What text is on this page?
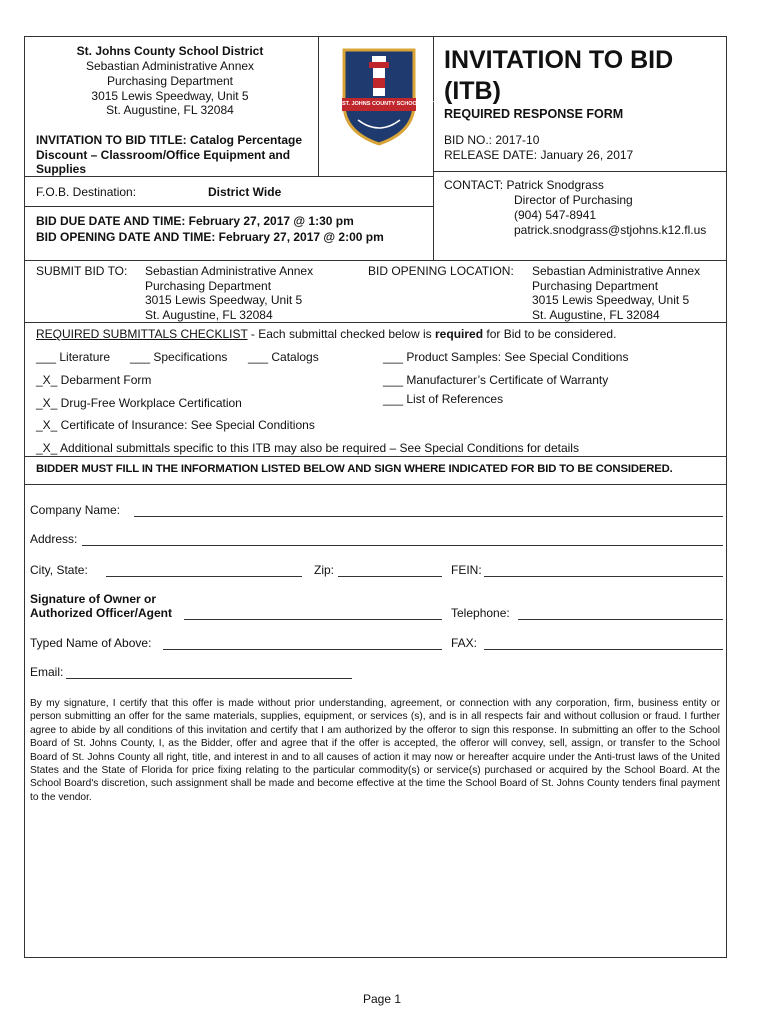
St. Johns County School District
Sebastian Administrative Annex
Purchasing Department
3015 Lewis Speedway, Unit 5
St. Augustine, FL 32084	ST. JOHNS COUNTY SCHOOL DISTRICT
INVITATION TO BID
(ITB)
REQUIRED RESPONSE FORM
INVITATION TO BID TITLE: Catalog Percentage
Discount – Classroom/Office Equipment and
Supplies
BID NO.: 2017-10
RELEASE DATE: January 26, 2017
F.O.B. Destination:	District Wide
BID DUE DATE AND TIME: February 27, 2017 @ 1:30 pm
BID OPENING DATE AND TIME: February 27, 2017 @ 2:00 pm
CONTACT: Patrick Snodgrass
Director of Purchasing
(904) 547-8941
patrick.snodgrass@stjohns.k12.fl.us
SUBMIT BID TO: Sebastian Administrative Annex
Purchasing Department
3015 Lewis Speedway, Unit 5
St. Augustine, FL 32084
BID OPENING LOCATION: Sebastian Administrative Annex
Purchasing Department
3015 Lewis Speedway, Unit 5
St. Augustine, FL 32084
REQUIRED SUBMITTALS CHECKLIST - Each submittal checked below is required for Bid to be considered.
___ Literature ___ Specifications ___ Catalogs	___ Product Samples: See Special Conditions
_X_ Debarment Form	___ Manufacturer’s Certificate of Warranty
_X_ Drug-Free Workplace Certification	___ List of References
_X_ Certificate of Insurance: See Special Conditions
_X_ Additional submittals specific to this ITB may also be required – See Special Conditions for details
BIDDER MUST FILL IN THE INFORMATION LISTED BELOW AND SIGN WHERE INDICATED FOR BID TO BE CONSIDERED.
Company Name:
Address:
City, State:	Zip:	FEIN:
Signature of Owner or
Authorized Officer/Agent	Telephone:
Typed Name of Above:	FAX:
Email:
By my signature, I certify that this offer is made without prior understanding, agreement, or connection with any corporation, firm, business entity or person submitting an offer for the same materials, supplies, equipment, or services (s), and is in all respects fair and without collusion or fraud. I further agree to abide by all conditions of this invitation and certify that I am authorized by the offeror to sign this response. In submitting an offer to the School Board of St. Johns County, I, as the Bidder, offer and agree that if the offer is accepted, the offeror will convey, sell, assign, or transfer to the School Board of St. Johns County all right, title, and interest in and to all causes of action it may now or hereafter acquire under the Anti-trust laws of the United States and the State of Florida for price fixing relating to the particular commodity(s) or service(s) purchased or acquired by the School Board. At the School Board's discretion, such assignment shall be made and become effective at the time the School Board of St. Johns County tenders final payment to the vendor.
Page 1
